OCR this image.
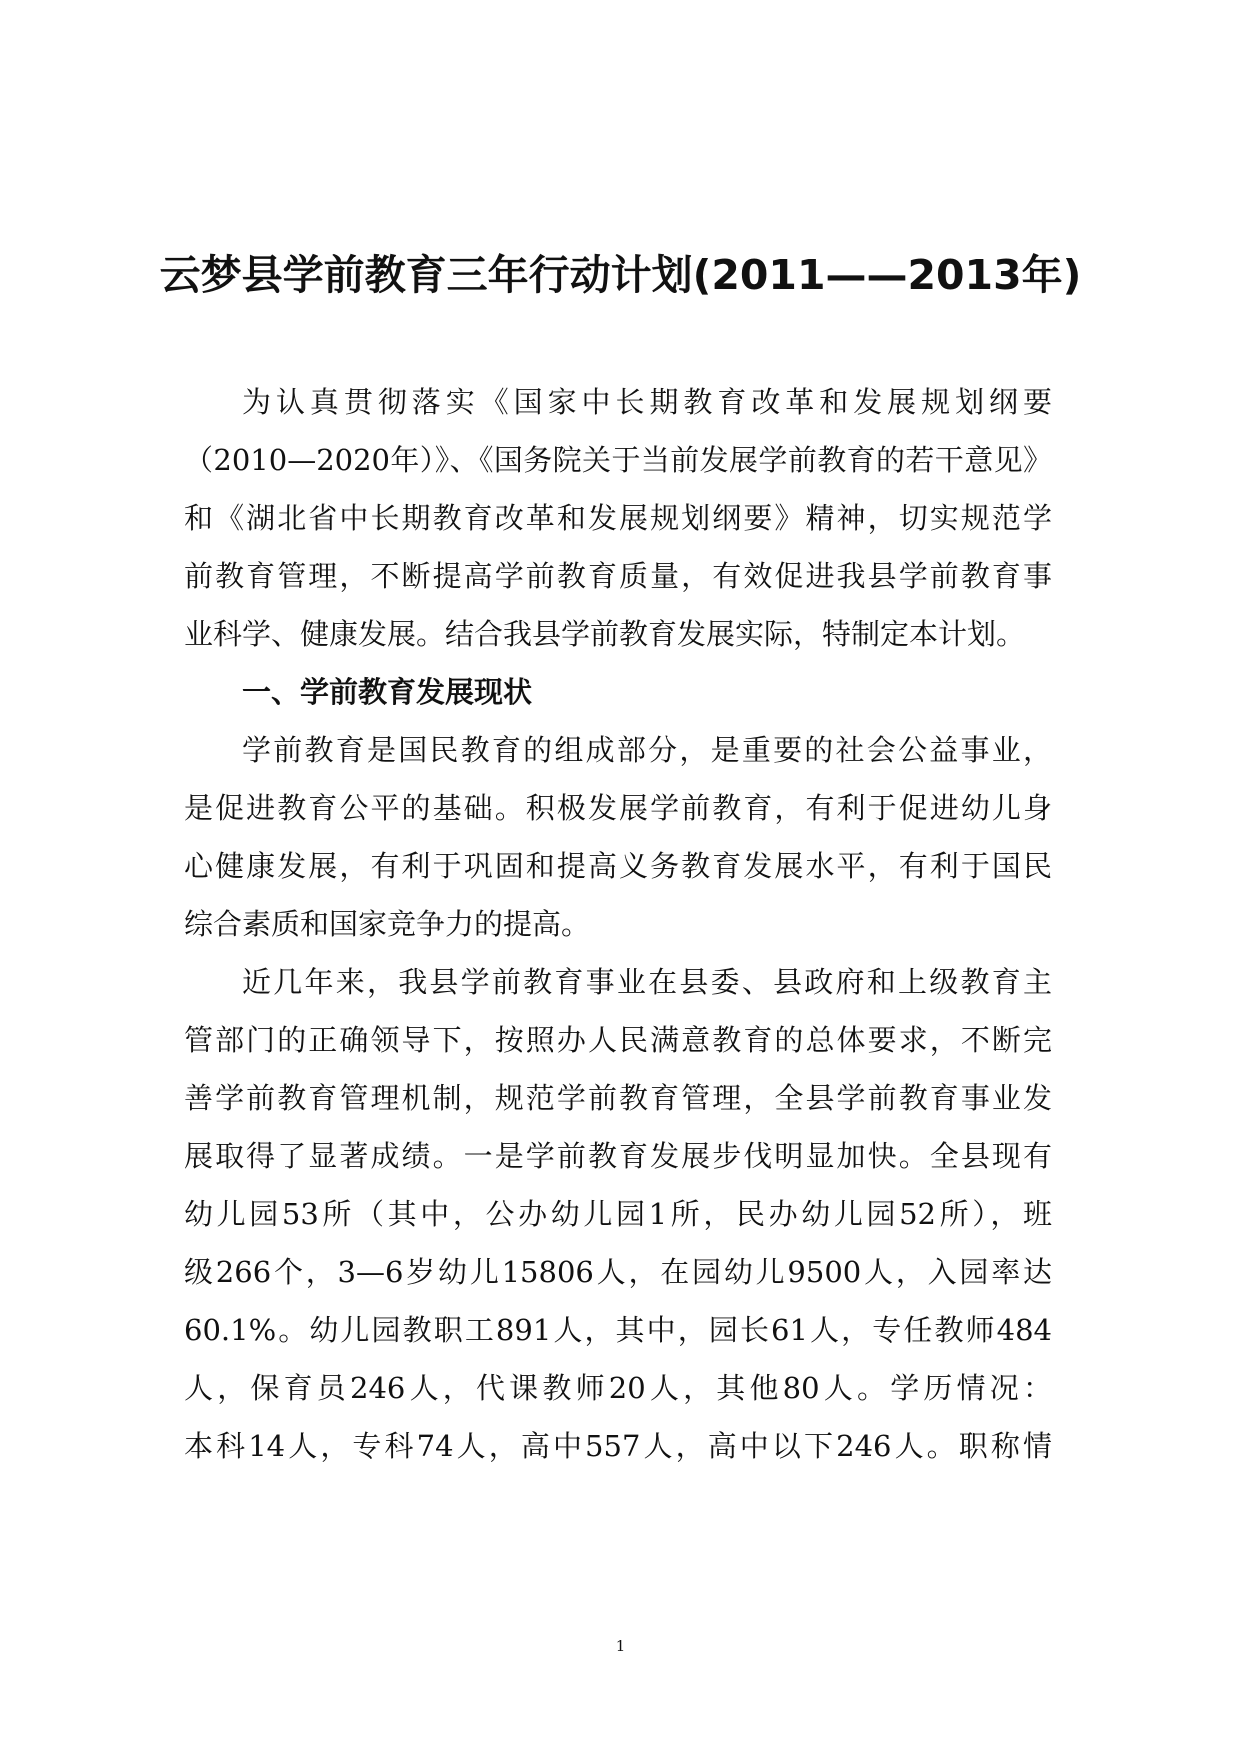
云梦县学前教育三年行动计划(2011——2013年)
为认真贯彻落实《国家中长期教育改革和发展规划纲要
（2010—2020年）》、《国务院关于当前发展学前教育的若干意见》
和《湖北省中长期教育改革和发展规划纲要》精神，切实规范学
前教育管理，不断提高学前教育质量，有效促进我县学前教育事
业科学、健康发展。结合我县学前教育发展实际，特制定本计划。
一、学前教育发展现状
学前教育是国民教育的组成部分，是重要的社会公益事业，
是促进教育公平的基础。积极发展学前教育，有利于促进幼儿身
心健康发展，有利于巩固和提高义务教育发展水平，有利于国民
综合素质和国家竞争力的提高。
近几年来，我县学前教育事业在县委、县政府和上级教育主
管部门的正确领导下，按照办人民满意教育的总体要求，不断完
善学前教育管理机制，规范学前教育管理，全县学前教育事业发
展取得了显著成绩。一是学前教育发展步伐明显加快。全县现有
幼儿园53所（其中，公办幼儿园1所，民办幼儿园52所），班
级266个，3—6岁幼儿15806人，在园幼儿9500人，入园率达
60.1%。幼儿园教职工891人，其中，园长61人，专任教师484
人，保育员246人，代课教师20人，其他80人。学历情况：
本科14人，专科74人，高中557人，高中以下246人。职称情
1
